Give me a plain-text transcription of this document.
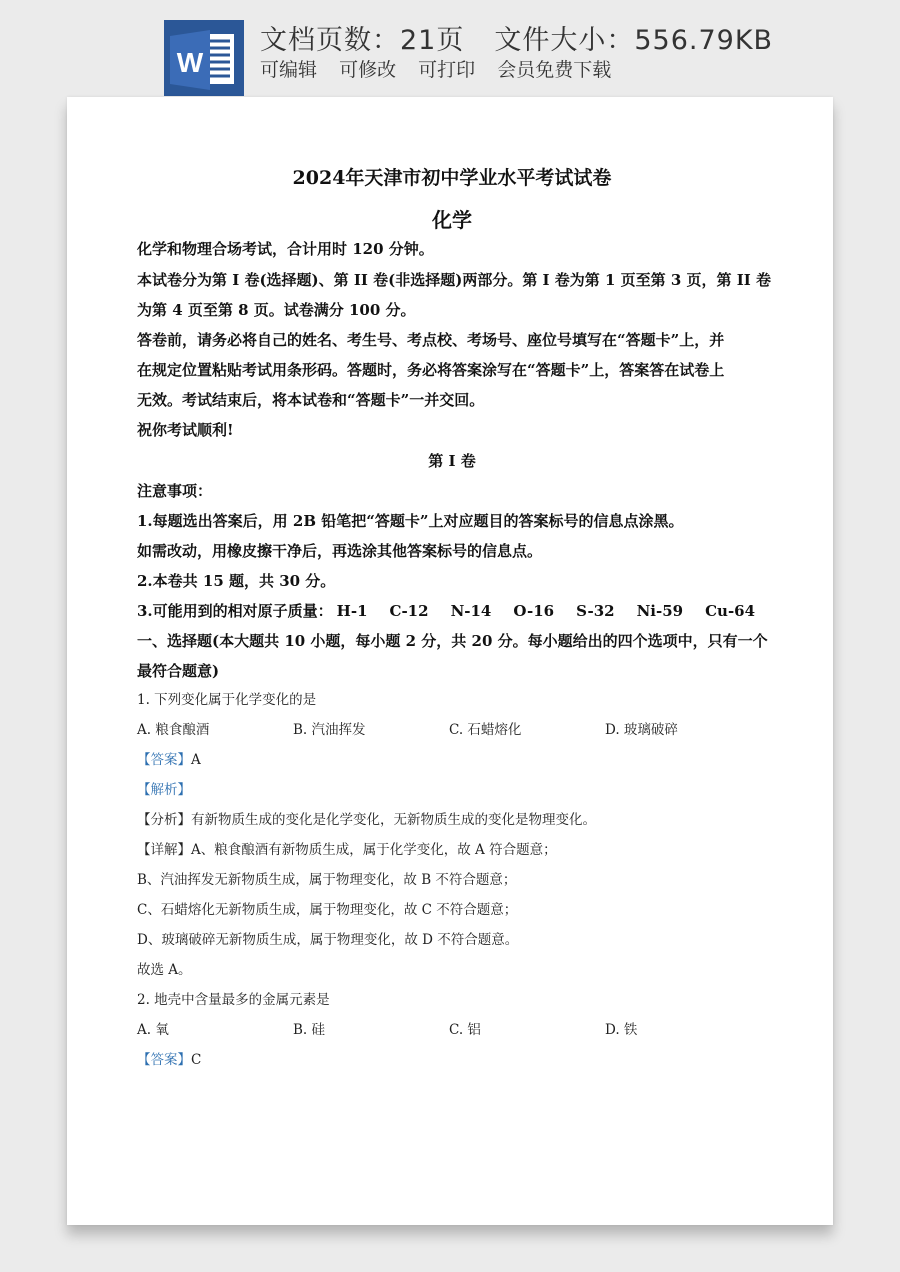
W
文档页数：21页 文件大小：556.79KB
可编辑 可修改 可打印 会员免费下载
2024年天津市初中学业水平考试试卷
化学
化学和物理合场考试，合计用时 120 分钟。
本试卷分为第 I 卷(选择题)、第 II 卷(非选择题)两部分。第 I 卷为第 1 页至第 3 页，第 II 卷
为第 4 页至第 8 页。试卷满分 100 分。
答卷前，请务必将自己的姓名、考生号、考点校、考场号、座位号填写在“答题卡”上，并
在规定位置粘贴考试用条形码。答题时，务必将答案涂写在“答题卡”上，答案答在试卷上
无效。考试结束后，将本试卷和“答题卡”一并交回。
祝你考试顺利!
第 I 卷
注意事项：
1.每题选出答案后，用 2B 铅笔把“答题卡”上对应题目的答案标号的信息点涂黑。
如需改动，用橡皮擦干净后，再选涂其他答案标号的信息点。
2.本卷共 15 题，共 30 分。
3.可能用到的相对原子质量： H-1 C-12 N-14 O-16 S-32 Ni-59 Cu-64
一、选择题(本大题共 10 小题，每小题 2 分，共 20 分。每小题给出的四个选项中，只有一个
最符合题意)
1. 下列变化属于化学变化的是
A. 粮食酿酒	B. 汽油挥发	C. 石蜡熔化	D. 玻璃破碎
【答案】A
【解析】
【分析】有新物质生成的变化是化学变化，无新物质生成的变化是物理变化。
【详解】A、粮食酿酒有新物质生成，属于化学变化，故 A 符合题意；
B、汽油挥发无新物质生成，属于物理变化，故 B 不符合题意；
C、石蜡熔化无新物质生成，属于物理变化，故 C 不符合题意；
D、玻璃破碎无新物质生成，属于物理变化，故 D 不符合题意。
故选 A。
2. 地壳中含量最多的金属元素是
A. 氧	B. 硅	C. 铝	D. 铁
【答案】C
